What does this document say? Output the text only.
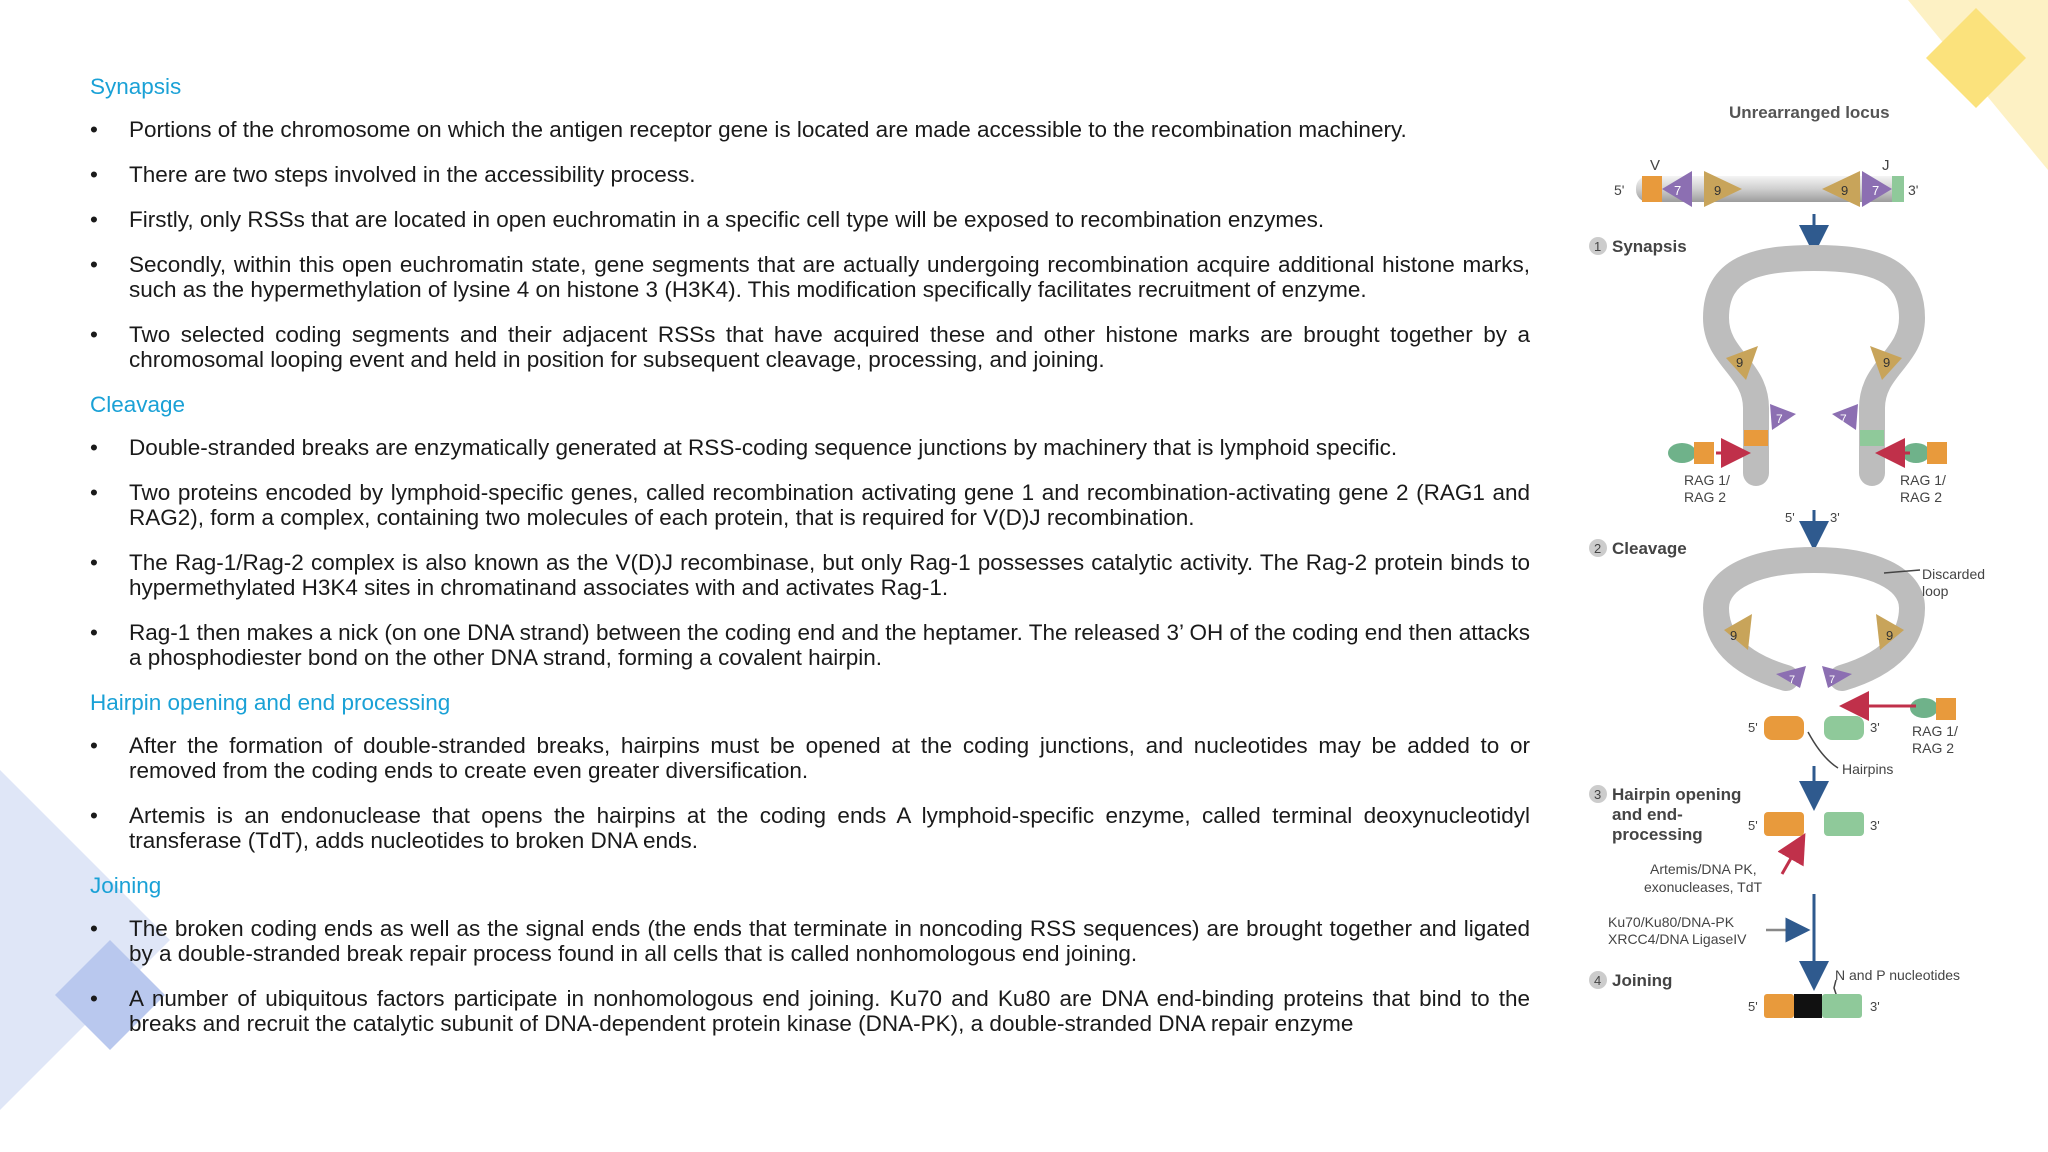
Synapsis
• Portions of the chromosome on which the antigen receptor gene is located are made accessible to the recombination machinery.
• There are two steps involved in the accessibility process.
• Firstly, only RSSs that are located in open euchromatin in a specific cell type will be exposed to recombination enzymes.
• Secondly, within this open euchromatin state, gene segments that are actually undergoing recombination acquire additional histone marks, such as the hypermethylation of lysine 4 on histone 3 (H3K4). This modification specifically facilitates recruitment of enzyme.
• Two selected coding segments and their adjacent RSSs that have acquired these and other histone marks are brought together by a chromosomal looping event and held in position for subsequent cleavage, processing, and joining.
Cleavage
• Double-stranded breaks are enzymatically generated at RSS-coding sequence junctions by machinery that is lymphoid specific.
• Two proteins encoded by lymphoid-specific genes, called recombination activating gene 1 and recombination-activating gene 2 (RAG1 and RAG2), form a complex, containing two molecules of each protein, that is required for V(D)J recombination.
• The Rag-1/Rag-2 complex is also known as the V(D)J recombinase, but only Rag-1 possesses catalytic activity. The Rag-2 protein binds to hypermethylated H3K4 sites in chromatinand associates with and activates Rag-1.
• Rag-1 then makes a nick (on one DNA strand) between the coding end and the heptamer. The released 3’ OH of the coding end then attacks a phosphodiester bond on the other DNA strand, forming a covalent hairpin.
Hairpin opening and end processing
• After the formation of double-stranded breaks, hairpins must be opened at the coding junctions, and nucleotides may be added to or removed from the coding ends to create even greater diversification.
• Artemis is an endonuclease that opens the hairpins at the coding ends A lymphoid-specific enzyme, called terminal deoxynucleotidyl transferase (TdT), adds nucleotides to broken DNA ends.
Joining
• The broken coding ends as well as the signal ends (the ends that terminate in noncoding RSS sequences) are brought together and ligated by a double-stranded break repair process found in all cells that is called nonhomologous end joining.
• A number of ubiquitous factors participate in nonhomologous end joining. Ku70 and Ku80 are DNA end-binding proteins that bind to the breaks and recruit the catalytic subunit of DNA-dependent protein kinase (DNA-PK), a double-stranded DNA repair enzyme
Unrearranged locus
V	J
5'	3'
7	9	9 7
1 Synapsis
9	9
7	7
RAG 1/
RAG 2
RAG 1/
RAG 2
5'	3'
2 Cleavage
Discarded
loop
9	9
7	7
5'	3' RAG 1/
RAG 2
Hairpins
3 Hairpin opening
and end-
processing	5'	3'
Artemis/DNA PK,
exonucleases, TdT
Ku70/Ku80/DNA-PK
XRCC4/DNA LigaseIV
4 Joining	N and P nucleotides
5'	3'
